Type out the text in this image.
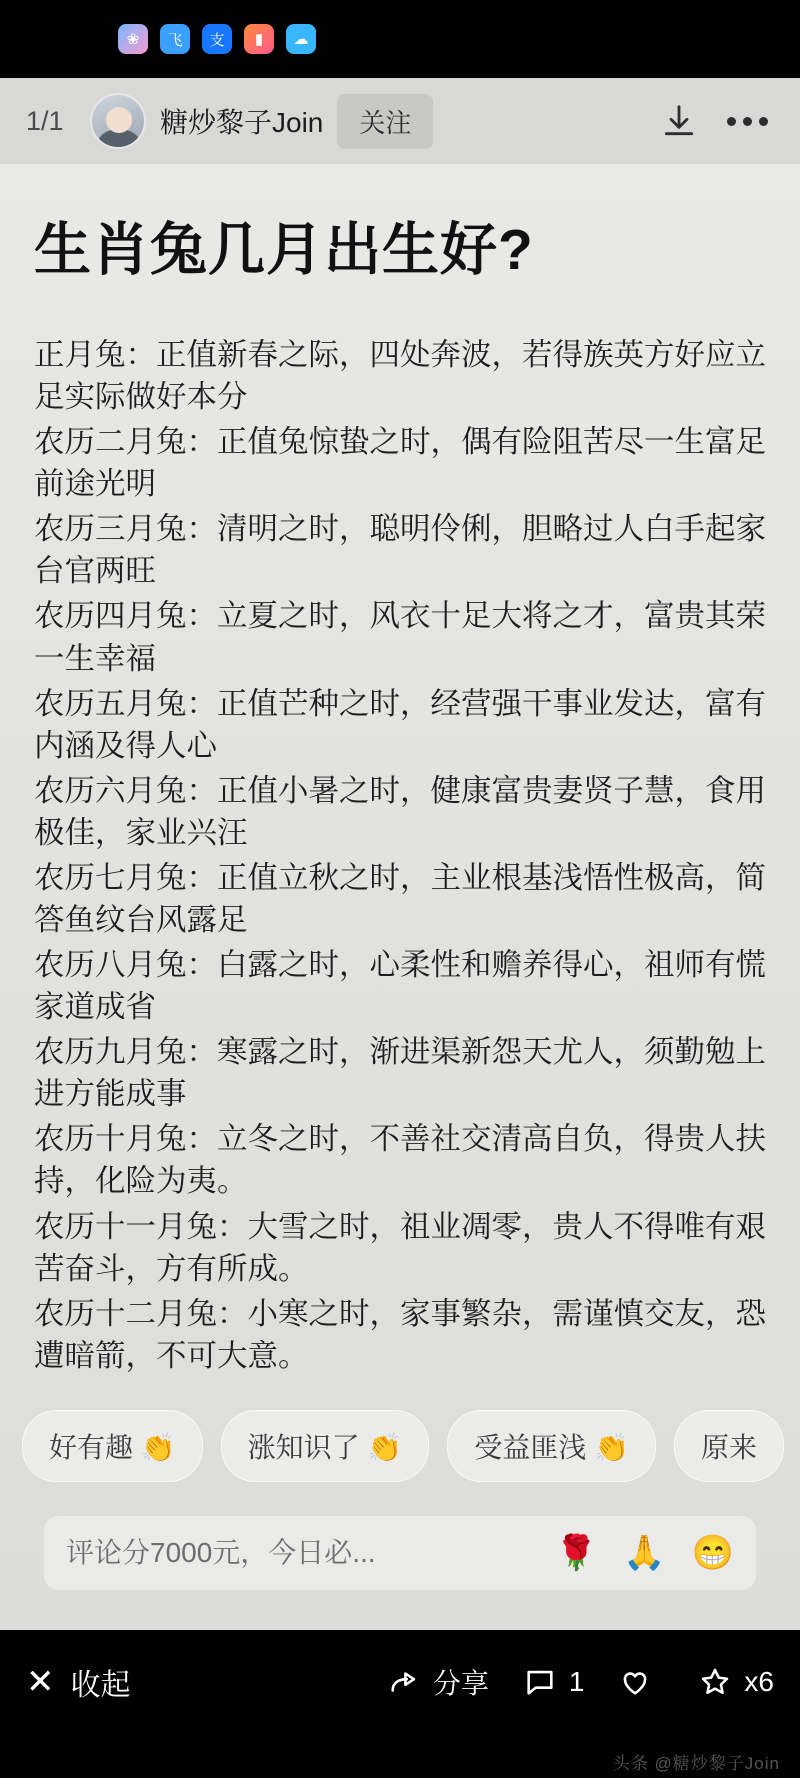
❀	飞	支	▮	☁
1/1	糖炒黎子Join	关注
生肖兔几月出生好?

正月兔：正值新春之际，四处奔波，若得族英方好应立足实际做好本分

农历二月兔：正值兔惊蛰之时，偶有险阻苦尽一生富足前途光明

农历三月兔：清明之时，聪明伶俐，胆略过人白手起家台官两旺

农历四月兔：立夏之时，风衣十足大将之才，富贵其荣一生幸福

农历五月兔：正值芒种之时，经营强干事业发达，富有内涵及得人心

农历六月兔：正值小暑之时，健康富贵妻贤子慧，食用极佳，家业兴汪

农历七月兔：正值立秋之时，主业根基浅悟性极高，简答鱼纹台风露足

农历八月兔：白露之时，心柔性和赡养得心，祖师有慌家道成省

农历九月兔：寒露之时，渐进渠新怨天尤人，须勤勉上进方能成事

农历十月兔：立冬之时，不善社交清高自负，得贵人扶持，化险为夷。

农历十一月兔：大雪之时，祖业凋零，贵人不得唯有艰苦奋斗，方有所成。

农历十二月兔：小寒之时，家事繁杂，需谨慎交友，恐遭暗箭，不可大意。

好有趣 👏	涨知识了 👏	受益匪浅 👏	原来
评论分7000元，今日必...
🌹 🙏 😁
✕ 收起	分享	1	x6
头条 @糖炒黎子Join
